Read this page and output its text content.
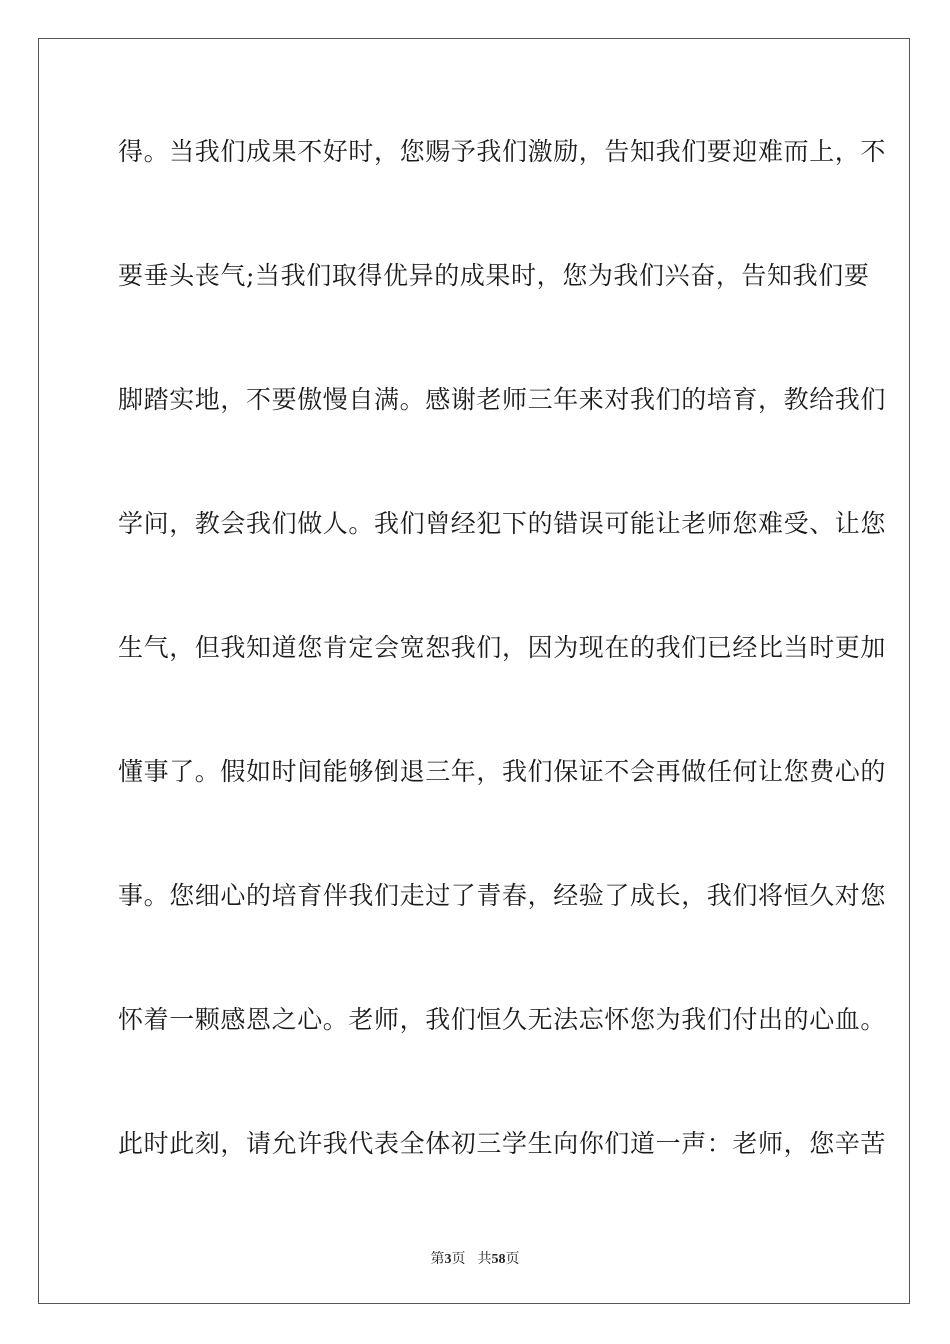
得。当我们成果不好时，您赐予我们激励，告知我们要迎难而上，不
要垂头丧气;当我们取得优异的成果时，您为我们兴奋，告知我们要
脚踏实地，不要傲慢自满。感谢老师三年来对我们的培育，教给我们
学问，教会我们做人。我们曾经犯下的错误可能让老师您难受、让您
生气，但我知道您肯定会宽恕我们，因为现在的我们已经比当时更加
懂事了。假如时间能够倒退三年，我们保证不会再做任何让您费心的
事。您细心的培育伴我们走过了青春，经验了成长，我们将恒久对您
怀着一颗感恩之心。老师，我们恒久无法忘怀您为我们付出的心血。
此时此刻，请允许我代表全体初三学生向你们道一声：老师，您辛苦
第3页 共58页
